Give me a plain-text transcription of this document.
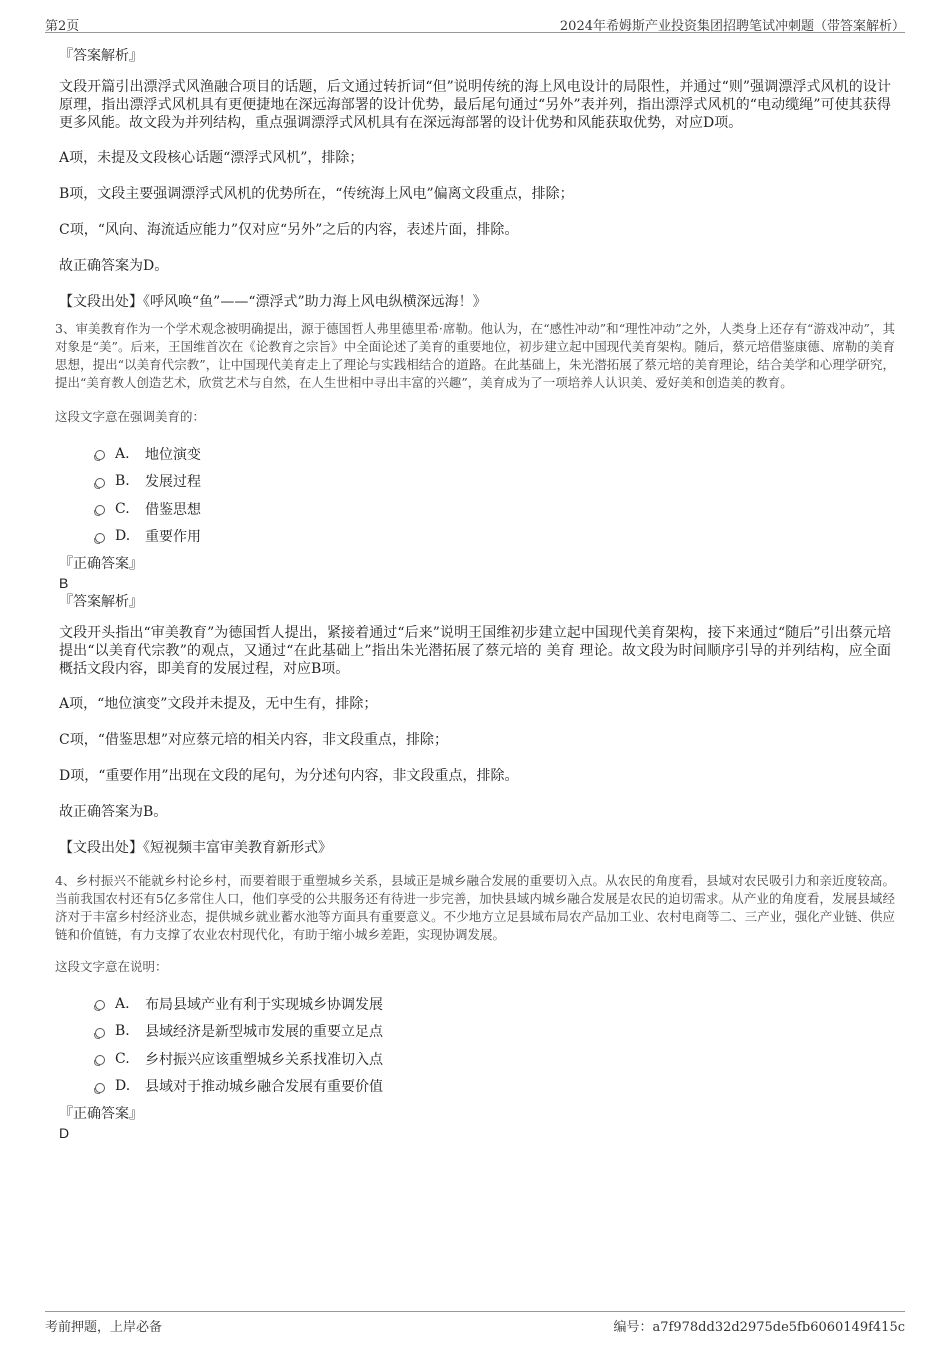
第2页	2024年希姆斯产业投资集团招聘笔试冲刺题（带答案解析）
『答案解析』

文段开篇引出漂浮式风渔融合项目的话题，后文通过转折词“但”说明传统的海上风电设计的局限性，并通过“则”强调漂浮式风机的设计原理，指出漂浮式风机具有更便捷地在深远海部署的设计优势，最后尾句通过“另外”表并列，指出漂浮式风机的“电动缆绳”可使其获得更多风能。故文段为并列结构，重点强调漂浮式风机具有在深远海部署的设计优势和风能获取优势，对应D项。

A项，未提及文段核心话题“漂浮式风机”，排除；
B项，文段主要强调漂浮式风机的优势所在，“传统海上风电”偏离文段重点，排除；
C项，“风向、海流适应能力”仅对应“另外”之后的内容，表述片面，排除。
故正确答案为D。
【文段出处】《呼风唤“鱼”——“漂浮式”助力海上风电纵横深远海！》

3、审美教育作为一个学术观念被明确提出，源于德国哲人弗里德里希·席勒。他认为，在“感性冲动”和“理性冲动”之外，人类身上还存有“游戏冲动”，其对象是“美”。后来，王国维首次在《论教育之宗旨》中全面论述了美育的重要地位，初步建立起中国现代美育架构。随后，蔡元培借鉴康德、席勒的美育思想，提出“以美育代宗教”，让中国现代美育走上了理论与实践相结合的道路。在此基础上，朱光潜拓展了蔡元培的美育理论，结合美学和心理学研究，提出“美育教人创造艺术，欣赏艺术与自然，在人生世相中寻出丰富的兴趣”，美育成为了一项培养人认识美、爱好美和创造美的教育。

这段文字意在强调美育的：

A.	地位演变
B.	发展过程
C.	借鉴思想
D.	重要作用
『正确答案』
B
『答案解析』

文段开头指出“审美教育”为德国哲人提出，紧接着通过“后来”说明王国维初步建立起中国现代美育架构，接下来通过“随后”引出蔡元培提出“以美育代宗教”的观点，又通过“在此基础上”指出朱光潜拓展了蔡元培的 美育 理论。故文段为时间顺序引导的并列结构，应全面概括文段内容，即美育的发展过程，对应B项。

A项，“地位演变”文段并未提及，无中生有，排除；
C项，“借鉴思想”对应蔡元培的相关内容，非文段重点，排除；
D项，“重要作用”出现在文段的尾句，为分述句内容，非文段重点，排除。
故正确答案为B。
【文段出处】《短视频丰富审美教育新形式》

4、乡村振兴不能就乡村论乡村，而要着眼于重塑城乡关系，县域正是城乡融合发展的重要切入点。从农民的角度看，县域对农民吸引力和亲近度较高。当前我国农村还有5亿多常住人口，他们享受的公共服务还有待进一步完善，加快县域内城乡融合发展是农民的迫切需求。从产业的角度看，发展县域经济对于丰富乡村经济业态，提供城乡就业蓄水池等方面具有重要意义。不少地方立足县域布局农产品加工业、农村电商等二、三产业，强化产业链、供应链和价值链，有力支撑了农业农村现代化，有助于缩小城乡差距，实现协调发展。

这段文字意在说明：

A.	布局县域产业有利于实现城乡协调发展
B.	县域经济是新型城市发展的重要立足点
C.	乡村振兴应该重塑城乡关系找准切入点
D.	县域对于推动城乡融合发展有重要价值
『正确答案』
D
考前押题，上岸必备	编号：a7f978dd32d2975de5fb6060149f415c
